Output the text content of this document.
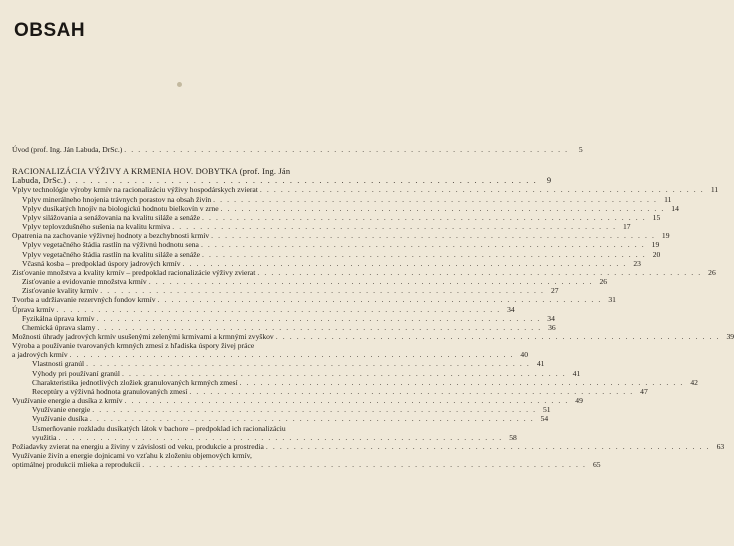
OBSAH
Úvod (prof. Ing. Ján Labuda, DrSc.) . . . . . . . . . . . . . . . . . . . . . . . . . . . . . . . . . . . . . . . . . . . . . . . . . . . . . . . . . . . . . . . .	5
RACIONALIZÁCIA VÝŽIVY A KRMENIA HOV. DOBYTKA (prof. Ing. Ján
Labuda, DrSc.) . . . . . . . . . . . . . . . . . . . . . . . . . . . . . . . . . . . . . . . . . . . . . . . . . . . . . . . . . . . . . . . .	9
Vplyv technológie výroby krmív na racionalizáciu výživy hospodárskych zvierat . . . . . . . . . . . . . . . . . . . . . . . . . . . . . . . . . . . . . . . . . . . . . . . . . . . . . . . . . . . . . . . . 11
Vplyv minerálneho hnojenia trávnych porastov na obsah živín . . . . . . . . . . . . . . . . . . . . . . . . . . . . . . . . . . . . . . . . . . . . . . . . . . . . . . . . . . . . . . . . 11
Vplyv dusíkatých hnojív na biologickú hodnotu bielkovín v zrne . . . . . . . . . . . . . . . . . . . . . . . . . . . . . . . . . . . . . . . . . . . . . . . . . . . . . . . . . . . . . . . . 14
Vplyv silážovania a senážovania na kvalitu siláže a senáže . . . . . . . . . . . . . . . . . . . . . . . . . . . . . . . . . . . . . . . . . . . . . . . . . . . . . . . . . . . . . . . . 15
Vplyv teplovzdušného sušenia na kvalitu krmiva . . . . . . . . . . . . . . . . . . . . . . . . . . . . . . . . . . . . . . . . . . . . . . . . . . . . . . . . . . . . . . . . 17
Opatrenia na zachovanie výživnej hodnoty a bezchybnosti krmív . . . . . . . . . . . . . . . . . . . . . . . . . . . . . . . . . . . . . . . . . . . . . . . . . . . . . . . . . . . . . . . . 19
Vplyv vegetačného štádia rastlín na výživnú hodnotu sena . . . . . . . . . . . . . . . . . . . . . . . . . . . . . . . . . . . . . . . . . . . . . . . . . . . . . . . . . . . . . . . . 19
Vplyv vegetačného štádia rastlín na kvalitu siláže a senáže . . . . . . . . . . . . . . . . . . . . . . . . . . . . . . . . . . . . . . . . . . . . . . . . . . . . . . . . . . . . . . . . 20
Včasná kosba – predpoklad úspory jadrových krmív . . . . . . . . . . . . . . . . . . . . . . . . . . . . . . . . . . . . . . . . . . . . . . . . . . . . . . . . . . . . . . . . 23
Zisťovanie množstva a kvality krmív – predpoklad racionalizácie výživy zvierat . . . . . . . . . . . . . . . . . . . . . . . . . . . . . . . . . . . . . . . . . . . . . . . . . . . . . . . . . . . . . . . . 26
Zisťovanie a evidovanie množstva krmív . . . . . . . . . . . . . . . . . . . . . . . . . . . . . . . . . . . . . . . . . . . . . . . . . . . . . . . . . . . . . . . . 26
Zisťovanie kvality krmív . . . . . . . . . . . . . . . . . . . . . . . . . . . . . . . . . . . . . . . . . . . . . . . . . . . . . . . . . . . . . . . . 27
Tvorba a udržiavanie rezervných fondov krmív . . . . . . . . . . . . . . . . . . . . . . . . . . . . . . . . . . . . . . . . . . . . . . . . . . . . . . . . . . . . . . . . 31
Úprava krmív . . . . . . . . . . . . . . . . . . . . . . . . . . . . . . . . . . . . . . . . . . . . . . . . . . . . . . . . . . . . . . . . 34
Fyzikálna úprava krmív . . . . . . . . . . . . . . . . . . . . . . . . . . . . . . . . . . . . . . . . . . . . . . . . . . . . . . . . . . . . . . . . 34
Chemická úprava slamy . . . . . . . . . . . . . . . . . . . . . . . . . . . . . . . . . . . . . . . . . . . . . . . . . . . . . . . . . . . . . . . . 36
Možnosti úhrady jadrových krmív usušenými zelenými krmivami a krmnými zvyškov . . . . . . . . . . . . . . . . . . . . . . . . . . . . . . . . . . . . . . . . . . . . . . . . . . . . . . . . . . . . . . . . 39
Výroba a používanie tvarovaných krmných zmesí z hľadiska úspory živej práce
a jadrových krmív . . . . . . . . . . . . . . . . . . . . . . . . . . . . . . . . . . . . . . . . . . . . . . . . . . . . . . . . . . . . . . . . 40
Vlastnosti granúl . . . . . . . . . . . . . . . . . . . . . . . . . . . . . . . . . . . . . . . . . . . . . . . . . . . . . . . . . . . . . . . . 41
Výhody pri používaní granúl . . . . . . . . . . . . . . . . . . . . . . . . . . . . . . . . . . . . . . . . . . . . . . . . . . . . . . . . . . . . . . . . 41
Charakteristika jednotlivých zložiek granulovaných krmných zmesí . . . . . . . . . . . . . . . . . . . . . . . . . . . . . . . . . . . . . . . . . . . . . . . . . . . . . . . . . . . . . . . . 42
Receptúry a výživná hodnota granulovaných zmesí . . . . . . . . . . . . . . . . . . . . . . . . . . . . . . . . . . . . . . . . . . . . . . . . . . . . . . . . . . . . . . . . 47
Využívanie energie a dusíka z krmív . . . . . . . . . . . . . . . . . . . . . . . . . . . . . . . . . . . . . . . . . . . . . . . . . . . . . . . . . . . . . . . . 49
Využívanie energie . . . . . . . . . . . . . . . . . . . . . . . . . . . . . . . . . . . . . . . . . . . . . . . . . . . . . . . . . . . . . . . . 51
Využívanie dusíka . . . . . . . . . . . . . . . . . . . . . . . . . . . . . . . . . . . . . . . . . . . . . . . . . . . . . . . . . . . . . . . . 54
Usmerňovanie rozkladu dusíkatých látok v bachore – predpoklad ich racionalizáciu
využitia . . . . . . . . . . . . . . . . . . . . . . . . . . . . . . . . . . . . . . . . . . . . . . . . . . . . . . . . . . . . . . . . 58
Požiadavky zvierat na energiu a živiny v závislosti od veku, produkcie a prostredia . . . . . . . . . . . . . . . . . . . . . . . . . . . . . . . . . . . . . . . . . . . . . . . . . . . . . . . . . . . . . . . . 63
Využívanie živín a energie dojnicami vo vzťahu k zloženiu objemových krmív,
optimálnej produkcii mlieka a reprodukcii . . . . . . . . . . . . . . . . . . . . . . . . . . . . . . . . . . . . . . . . . . . . . . . . . . . . . . . . . . . . . . . . 65
